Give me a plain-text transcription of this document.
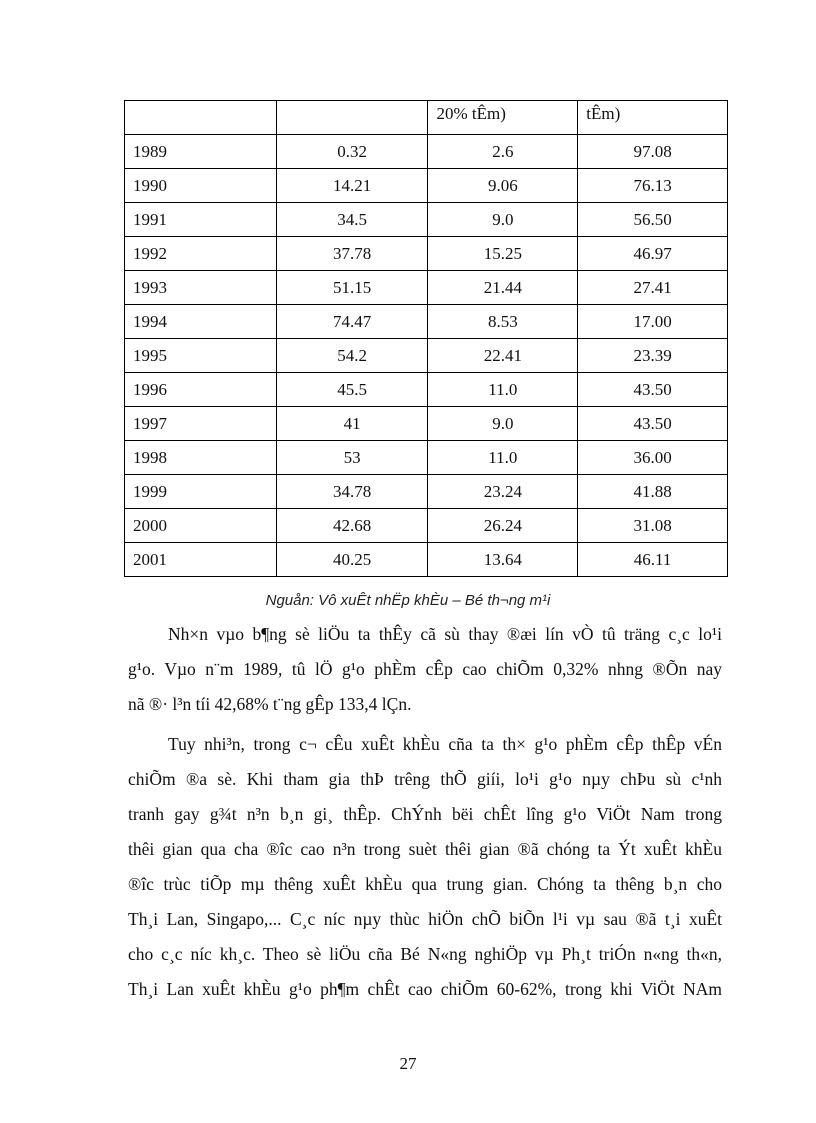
		20% tÊm)	tÊm)
1989	0.32	2.6	97.08
1990	14.21	9.06	76.13
1991	34.5	9.0	56.50
1992	37.78	15.25	46.97
1993	51.15	21.44	27.41
1994	74.47	8.53	17.00
1995	54.2	22.41	23.39
1996	45.5	11.0	43.50
1997	41	9.0	43.50
1998	53	11.0	36.00
1999	34.78	23.24	41.88
2000	42.68	26.24	31.08
2001	40.25	13.64	46.11
Nguån: Vô xuÊt nhËp khÈu – Bé th¬ng m¹i

Nh×n vµo b¶ng sè liÖu ta thÊy cã sù thay ®æi lín vÒ tû träng c¸c lo¹i
g¹o. Vµo n¨m 1989, tû lÖ g¹o phÈm cÊp cao chiÕm 0,32% nhng ®Õn nay
nã ®· l³n tíi 42,68% t¨ng gÊp 133,4 lÇn.

Tuy nhi³n, trong c¬ cÊu xuÊt khÈu cña ta th× g¹o phÈm cÊp thÊp vÉn
chiÕm ®a sè. Khi tham gia thÞ trêng thÕ giíi, lo¹i g¹o nµy chÞu sù c¹nh
tranh gay g¾t n³n b¸n gi¸ thÊp. ChÝnh bëi chÊt lîng g¹o ViÖt Nam trong
thêi gian qua cha ®îc cao n³n trong suèt thêi gian ®ã chóng ta Ýt xuÊt khÈu
®îc trùc tiÕp mµ thêng xuÊt khÈu qua trung gian. Chóng ta thêng b¸n cho
Th¸i Lan, Singapo,... C¸c níc nµy thùc hiÖn chÕ biÕn l¹i vµ sau ®ã t¸i xuÊt
cho c¸c níc kh¸c. Theo sè liÖu cña Bé N«ng nghiÖp vµ Ph¸t triÓn n«ng th«n,
Th¸i Lan xuÊt khÈu g¹o ph¶m chÊt cao chiÕm 60-62%, trong khi ViÖt NAm

27
